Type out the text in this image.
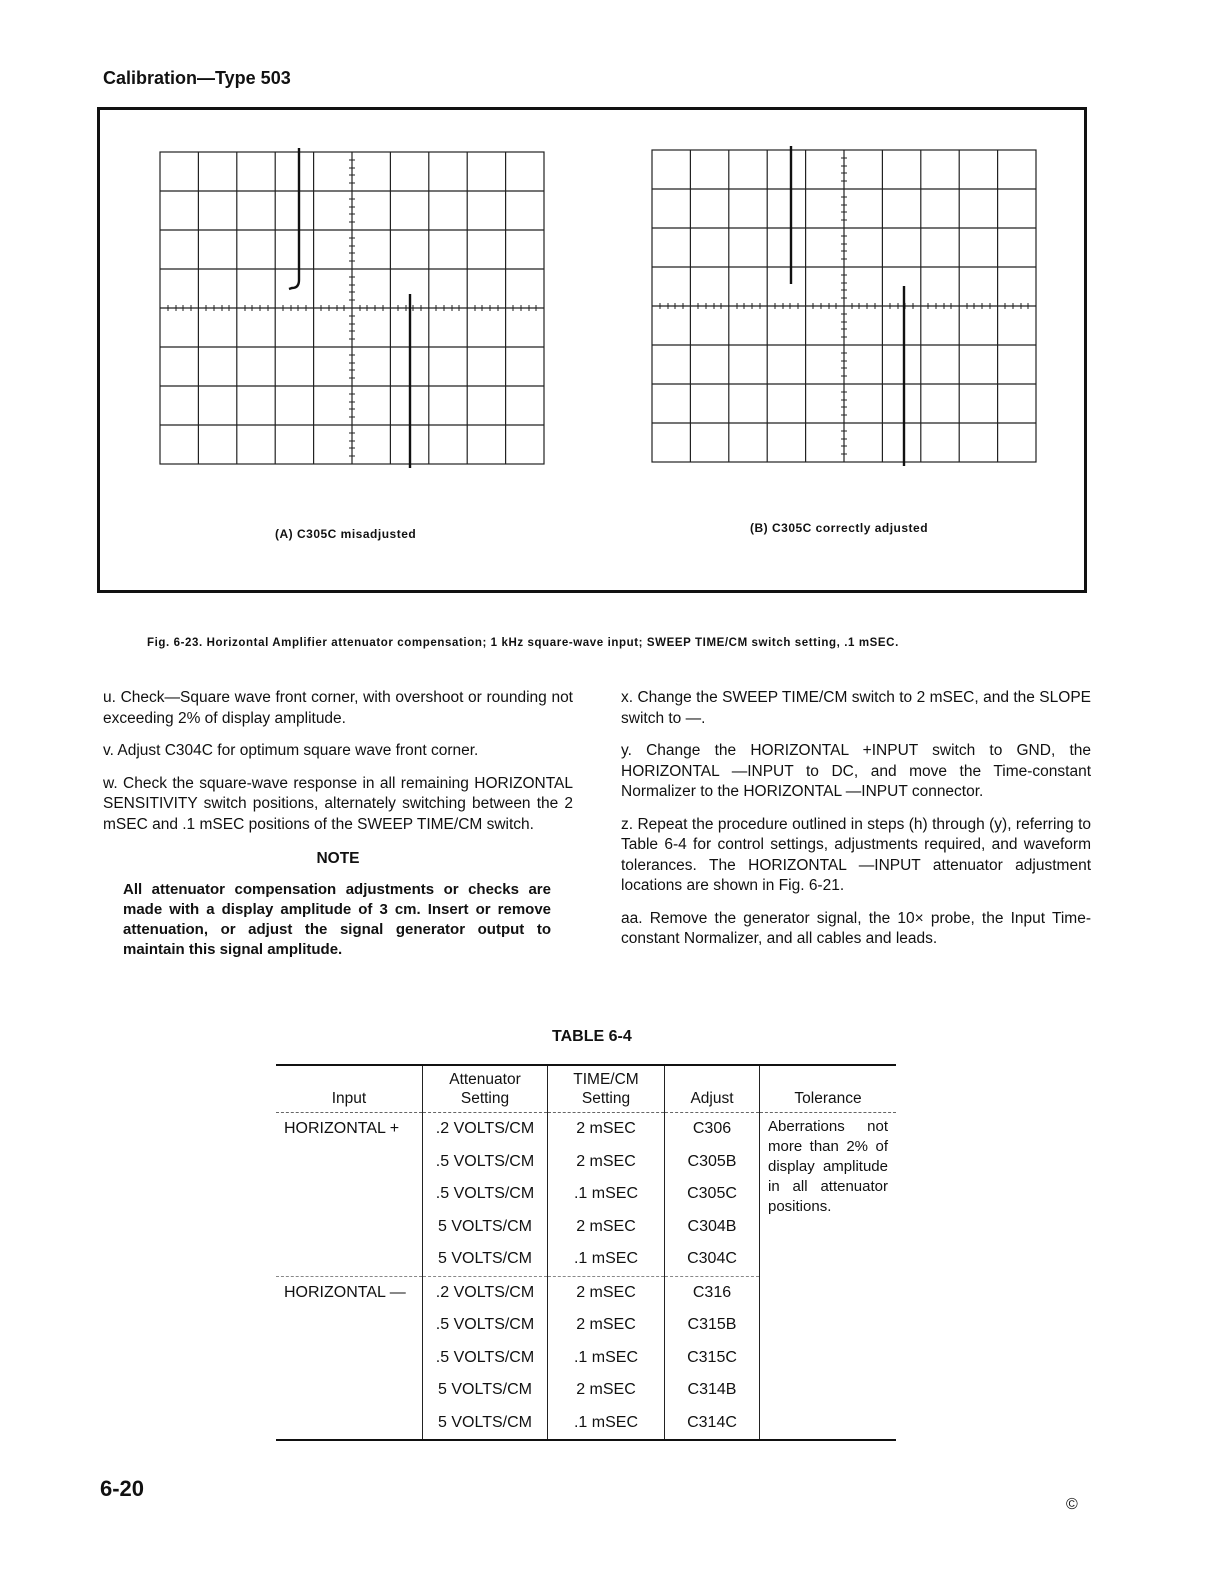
Calibration—Type 503
(A) C305C misadjusted	(B) C305C correctly adjusted
Fig. 6-23. Horizontal Amplifier attenuator compensation; 1 kHz square-wave input; SWEEP TIME/CM switch setting, .1 mSEC.

u. Check—Square wave front corner, with overshoot or rounding not exceeding 2% of display amplitude.

v. Adjust C304C for optimum square wave front corner.

w. Check the square-wave response in all remaining HORIZONTAL SENSITIVITY switch positions, alternately switching between the 2 mSEC and .1 mSEC positions of the SWEEP TIME/CM switch.

NOTE
All attenuator compensation adjustments or checks are made with a display amplitude of 3 cm. Insert or remove attenuation, or adjust the signal generator output to maintain this signal amplitude.

x. Change the SWEEP TIME/CM switch to 2 mSEC, and the SLOPE switch to —.

y. Change the HORIZONTAL +INPUT switch to GND, the HORIZONTAL —INPUT to DC, and move the Time-constant Normalizer to the HORIZONTAL —INPUT connector.

z. Repeat the procedure outlined in steps (h) through (y), referring to Table 6-4 for control settings, adjustments required, and waveform tolerances. The HORIZONTAL —INPUT attenuator adjustment locations are shown in Fig. 6-21.

aa. Remove the generator signal, the 10× probe, the Input Time-constant Normalizer, and all cables and leads.

TABLE 6-4
Input	Attenuator Setting	TIME/CM Setting	Adjust	Tolerance
HORIZONTAL +	.2 VOLTS/CM	2 mSEC	C306	Aberrations not more than 2% of display amplitude in all attenuator positions.
	.5 VOLTS/CM	2 mSEC	C305B	
	.5 VOLTS/CM	.1 mSEC	C305C	
	5 VOLTS/CM	2 mSEC	C304B	
	5 VOLTS/CM	.1 mSEC	C304C	
HORIZONTAL —	.2 VOLTS/CM	2 mSEC	C316	
	.5 VOLTS/CM	2 mSEC	C315B	
	.5 VOLTS/CM	.1 mSEC	C315C	
	5 VOLTS/CM	2 mSEC	C314B	
	5 VOLTS/CM	.1 mSEC	C314C	
6-20
©
